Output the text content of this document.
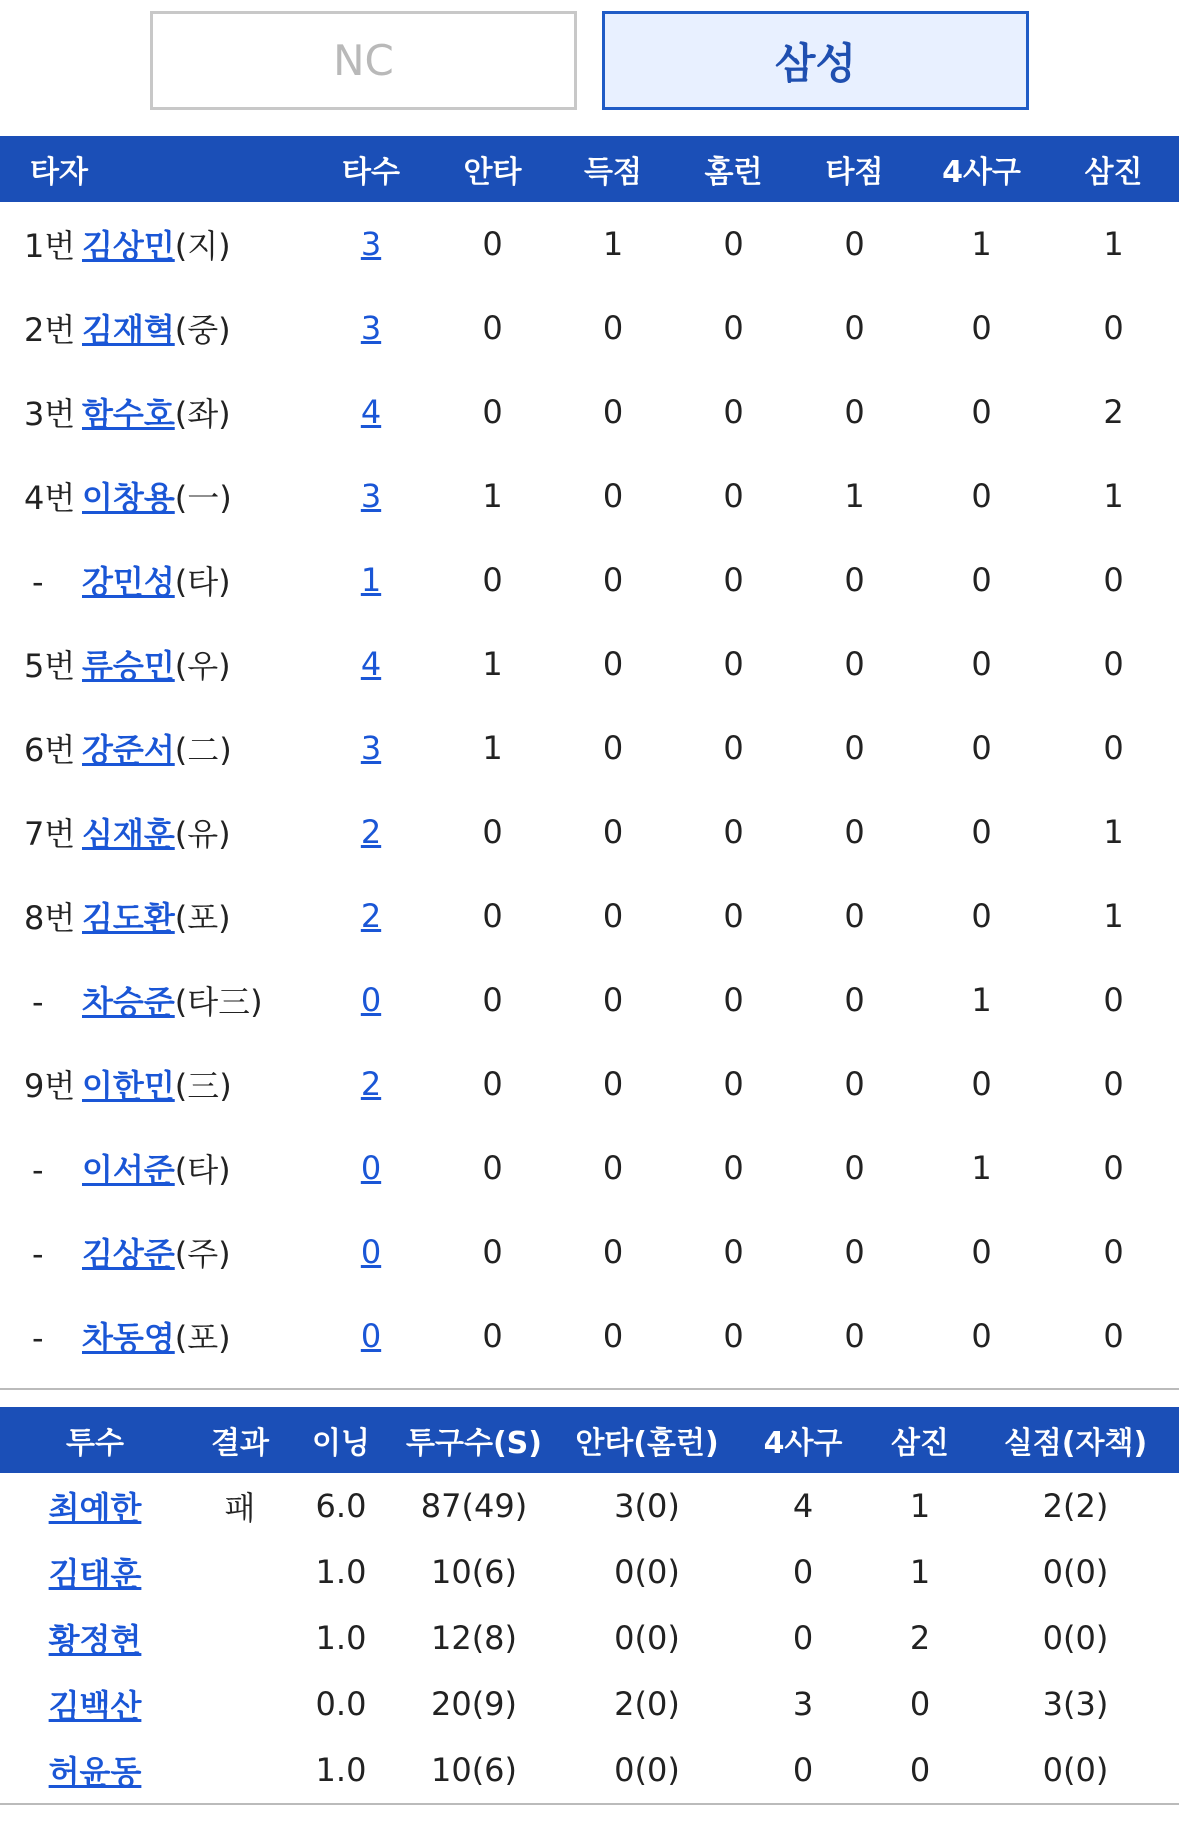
NC	삼성
타자	타수	안타	득점	홈런	타점	4사구	삼진
1번 김상민(지)	3	0	1	0	0	1	1
2번 김재혁(중)	3	0	0	0	0	0	0
3번 함수호(좌)	4	0	0	0	0	0	2
4번 이창용(一)	3	1	0	0	1	0	1
- 강민성(타)	1	0	0	0	0	0	0
5번 류승민(우)	4	1	0	0	0	0	0
6번 강준서(二)	3	1	0	0	0	0	0
7번 심재훈(유)	2	0	0	0	0	0	1
8번 김도환(포)	2	0	0	0	0	0	1
- 차승준(타三)	0	0	0	0	0	1	0
9번 이한민(三)	2	0	0	0	0	0	0
- 이서준(타)	0	0	0	0	0	1	0
- 김상준(주)	0	0	0	0	0	0	0
- 차동영(포)	0	0	0	0	0	0	0
투수	결과	이닝	투구수(S)	안타(홈런)	4사구	삼진	실점(자책)
최예한	패	6.0	87(49)	3(0)	4	1	2(2)
김태훈		1.0	10(6)	0(0)	0	1	0(0)
황정현		1.0	12(8)	0(0)	0	2	0(0)
김백산		0.0	20(9)	2(0)	3	0	3(3)
허윤동		1.0	10(6)	0(0)	0	0	0(0)
